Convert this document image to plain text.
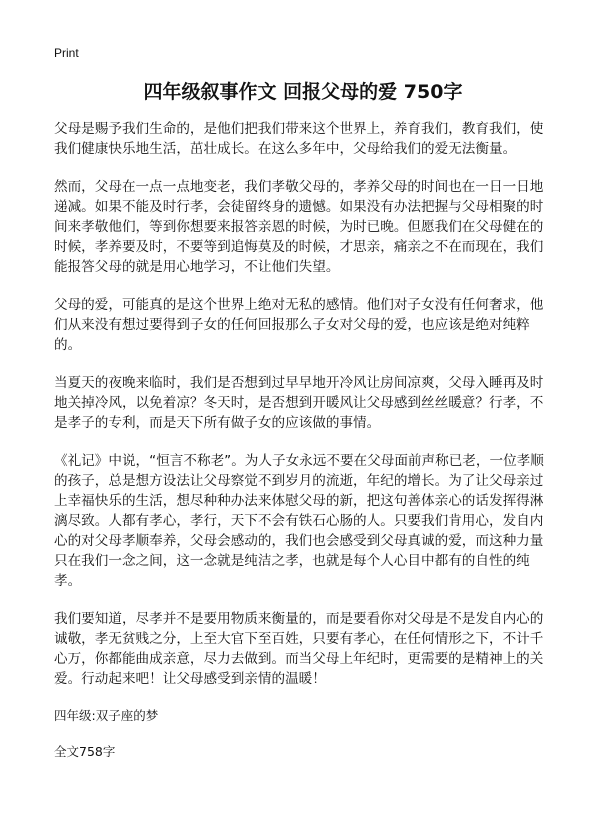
Print
四年级叙事作文 回报父母的爱 750字
父母是赐予我们生命的，是他们把我们带来这个世界上，养育我们，教育我们，使我们健康快乐地生活，茁壮成长。在这么多年中，父母给我们的爱无法衡量。
然而，父母在一点一点地变老，我们孝敬父母的，孝养父母的时间也在一日一日地递减。如果不能及时行孝，会徒留终身的遗憾。如果没有办法把握与父母相聚的时间来孝敬他们，等到你想要来报答亲恩的时候，为时已晚。但愿我们在父母健在的时候，孝养要及时，不要等到追悔莫及的时候，才思亲，痛亲之不在而现在，我们能报答父母的就是用心地学习，不让他们失望。
父母的爱，可能真的是这个世界上绝对无私的感情。他们对子女没有任何奢求，他们从来没有想过要得到子女的任何回报那么子女对父母的爱，也应该是绝对纯粹的。
当夏天的夜晚来临时，我们是否想到过早早地开冷风让房间凉爽，父母入睡再及时地关掉冷风，以免着凉？冬天时，是否想到开暖风让父母感到丝丝暖意？行孝，不是孝子的专利，而是天下所有做子女的应该做的事情。
《礼记》中说，“恒言不称老”。为人子女永远不要在父母面前声称已老，一位孝顺的孩子，总是想方设法让父母察觉不到岁月的流逝，年纪的增长。为了让父母亲过上幸福快乐的生活，想尽种种办法来体慰父母的新，把这句善体亲心的话发挥得淋漓尽致。人都有孝心，孝行，天下不会有铁石心肠的人。只要我们肯用心，发自内心的对父母孝顺奉养，父母会感动的，我们也会感受到父母真诚的爱，而这种力量只在我们一念之间，这一念就是纯洁之孝，也就是每个人心目中都有的自性的纯孝。
我们要知道，尽孝并不是要用物质来衡量的，而是要看你对父母是不是发自内心的诚敬，孝无贫贱之分，上至大官下至百姓，只要有孝心，在任何情形之下，不计千心万，你都能曲成亲意，尽力去做到。而当父母上年纪时，更需要的是精神上的关爱。行动起来吧！让父母感受到亲情的温暖！
四年级:双子座的梦
全文758字
